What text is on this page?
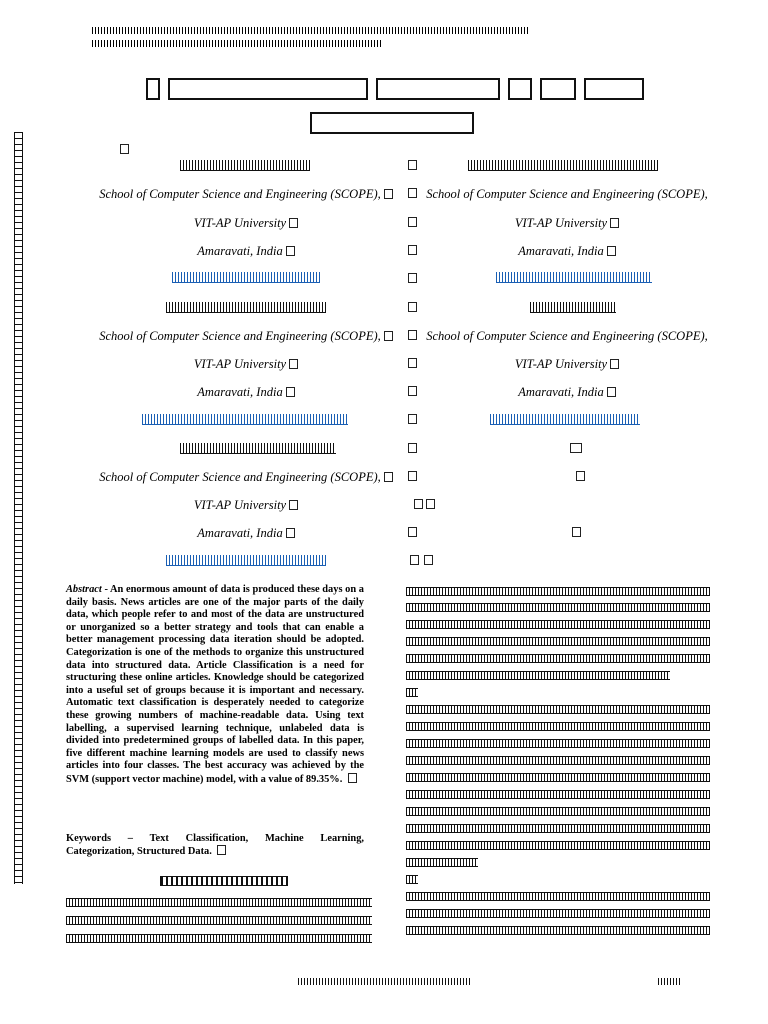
School of Computer Science and Engineering (SCOPE),	School of Computer Science and Engineering (SCOPE),
VIT-AP University	VIT-AP University
Amaravati, India	Amaravati, India
School of Computer Science and Engineering (SCOPE),	School of Computer Science and Engineering (SCOPE),
VIT-AP University	VIT-AP University
Amaravati, India	Amaravati, India
School of Computer Science and Engineering (SCOPE),
VIT-AP University
Amaravati, India
Abstract - An enormous amount of data is produced these days on a daily basis. News articles are one of the major parts of the daily data, which people refer to and most of the data are unstructured or unorganized so a better strategy and tools that can enable a better management processing data iteration should be adopted. Categorization is one of the methods to organize this unstructured data into structured data. Article Classification is a need for structuring these online articles. Knowledge should be categorized into a useful set of groups because it is important and necessary. Automatic text classification is desperately needed to categorize these growing numbers of machine-readable data. Using text labelling, a supervised learning technique, unlabeled data is divided into predetermined groups of labelled data. In this paper, five different machine learning models are used to classify news articles into four classes. The best accuracy was achieved by the SVM (support vector machine) model, with a value of 89.35%.
Keywords – Text Classification, Machine Learning, Categorization, Structured Data.
